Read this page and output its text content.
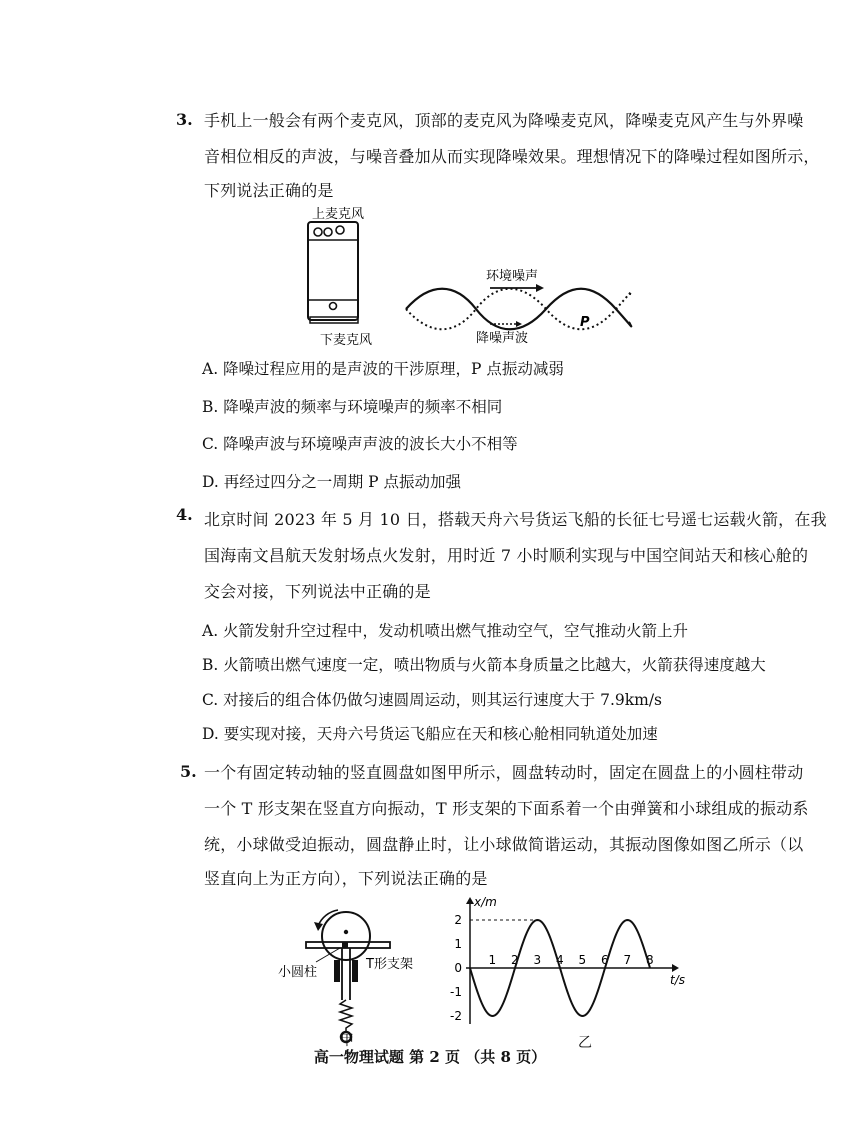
3. 手机上一般会有两个麦克风，顶部的麦克风为降噪麦克风，降噪麦克风产生与外界噪
音相位相反的声波，与噪音叠加从而实现降噪效果。理想情况下的降噪过程如图所示，
下列说法正确的是
上麦克风
下麦克风
环境噪声
降噪声波
P
A. 降噪过程应用的是声波的干涉原理，P 点振动减弱
B. 降噪声波的频率与环境噪声的频率不相同
C. 降噪声波与环境噪声声波的波长大小不相等
D. 再经过四分之一周期 P 点振动加强
4. 北京时间 2023 年 5 月 10 日，搭载天舟六号货运飞船的长征七号遥七运载火箭，在我
国海南文昌航天发射场点火发射，用时近 7 小时顺利实现与中国空间站天和核心舱的
交会对接，下列说法中正确的是
A. 火箭发射升空过程中，发动机喷出燃气推动空气，空气推动火箭上升
B. 火箭喷出燃气速度一定，喷出物质与火箭本身质量之比越大，火箭获得速度越大
C. 对接后的组合体仍做匀速圆周运动，则其运行速度大于 7.9km/s
D. 要实现对接，天舟六号货运飞船应在天和核心舱相同轨道处加速
5. 一个有固定转动轴的竖直圆盘如图甲所示，圆盘转动时，固定在圆盘上的小圆柱带动
一个 T 形支架在竖直方向振动，T 形支架的下面系着一个由弹簧和小球组成的振动系
统，小球做受迫振动，圆盘静止时，让小球做简谐运动，其振动图像如图乙所示（以
竖直向上为正方向），下列说法正确的是
小圆柱
T形支架
甲
x/m
t/s
1 2 3 4 5 6 7 8
2
1
0
-1
-2
乙
高一物理试题 第 2 页 （共 8 页）
